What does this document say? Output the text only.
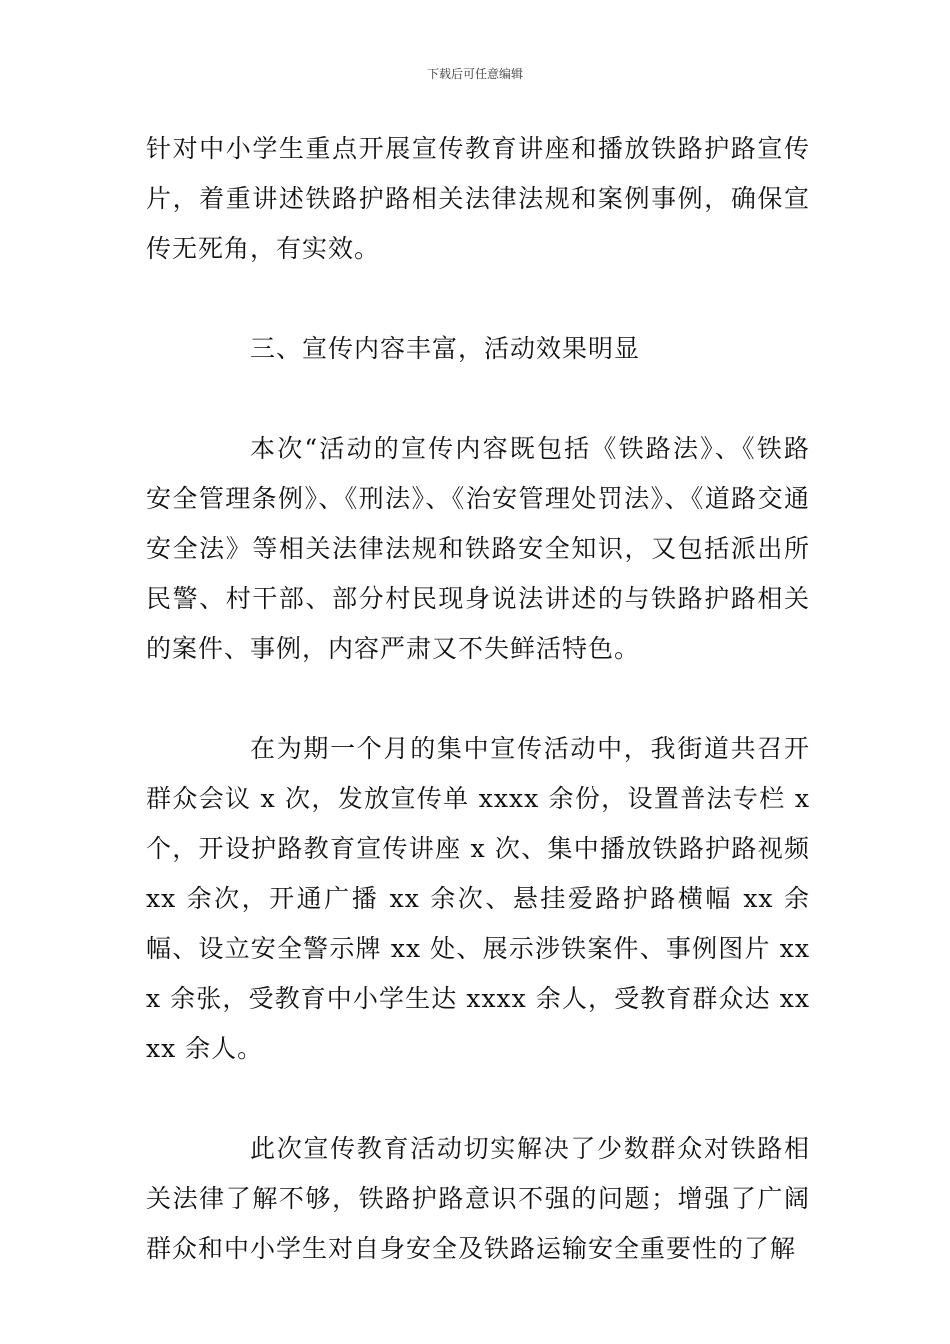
下载后可任意编辑

针对中小学生重点开展宣传教育讲座和播放铁路护路宣传片，着重讲述铁路护路相关法律法规和案例事例，确保宣传无死角，有实效。

三、宣传内容丰富，活动效果明显

本次“活动的宣传内容既包括《铁路法》、《铁路安全管理条例》、《刑法》、《治安管理处罚法》、《道路交通安全法》等相关法律法规和铁路安全知识，又包括派出所民警、村干部、部分村民现身说法讲述的与铁路护路相关的案件、事例，内容严肃又不失鲜活特色。

在为期一个月的集中宣传活动中，我街道共召开群众会议 x 次，发放宣传单 xxxx 余份，设置普法专栏 x 个，开设护路教育宣传讲座 x 次、集中播放铁路护路视频 xx 余次，开通广播 xx 余次、悬挂爱路护路横幅 xx 余幅、设立安全警示牌 xx 处、展示涉铁案件、事例图片 xxx 余张，受教育中小学生达 xxxx 余人，受教育群众达 xxxx 余人。

此次宣传教育活动切实解决了少数群众对铁路相关法律了解不够，铁路护路意识不强的问题；增强了广阔群众和中小学生对自身安全及铁路运输安全重要性的了解
